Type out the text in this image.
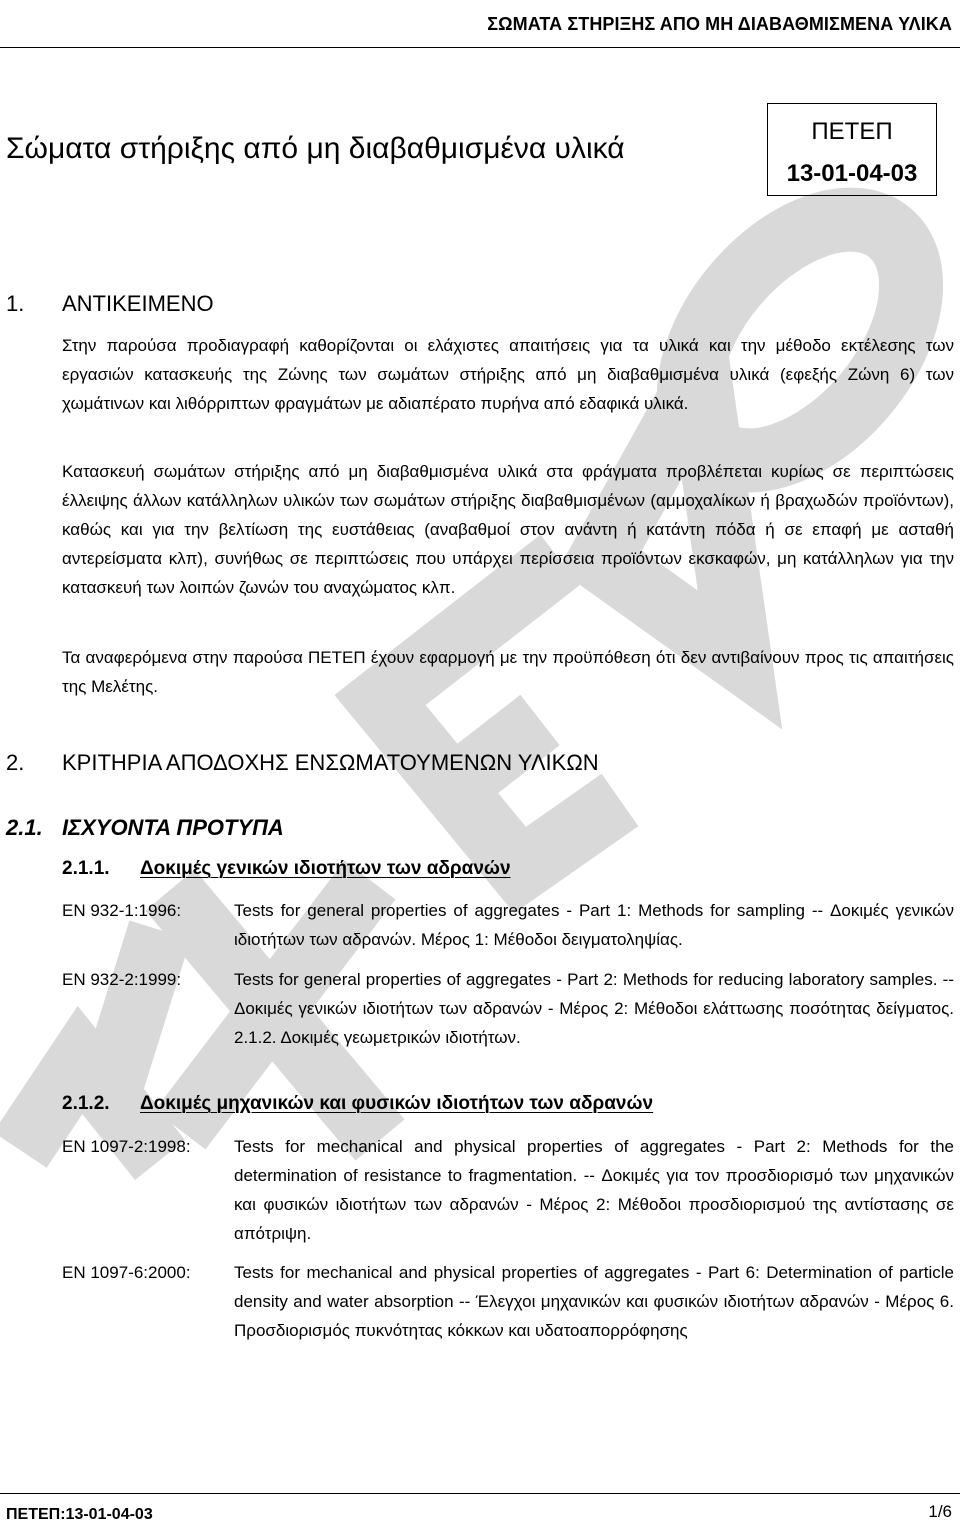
ΣΩΜΑΤΑ ΣΤΗΡΙΞΗΣ ΑΠΟ ΜΗ ΔΙΑΒΑΘΜΙΣΜΕΝΑ ΥΛΙΚΑ
Σώματα στήριξης από μη διαβαθμισμένα υλικά
ΠΕΤΕΠ
13-01-04-03
1. ΑΝΤΙΚΕΙΜΕΝΟ
Στην παρούσα προδιαγραφή καθορίζονται οι ελάχιστες απαιτήσεις για τα υλικά και την μέθοδο εκτέλεσης των εργασιών κατασκευής της Ζώνης των σωμάτων στήριξης από μη διαβαθμισμένα υλικά (εφεξής Ζώνη 6) των χωμάτινων και λιθόρριπτων φραγμάτων με αδιαπέρατο πυρήνα από εδαφικά υλικά.
Κατασκευή σωμάτων στήριξης από μη διαβαθμισμένα υλικά στα φράγματα προβλέπεται κυρίως σε περιπτώσεις έλλειψης άλλων κατάλληλων υλικών των σωμάτων στήριξης διαβαθμισμένων (αμμοχαλίκων ή βραχωδών προϊόντων), καθώς και για την βελτίωση της ευστάθειας (αναβαθμοί στον ανάντη ή κατάντη πόδα ή σε επαφή με ασταθή αντερείσματα κλπ), συνήθως σε περιπτώσεις που υπάρχει περίσσεια προϊόντων εκσκαφών, μη κατάλληλων για την κατασκευή των λοιπών ζωνών του αναχώματος κλπ.
Τα αναφερόμενα στην παρούσα ΠΕΤΕΠ έχουν εφαρμογή με την προϋπόθεση ότι δεν αντιβαίνουν προς τις απαιτήσεις της Μελέτης.
2. ΚΡΙΤΗΡΙΑ ΑΠΟΔΟΧΗΣ ΕΝΣΩΜΑΤΟΥΜΕΝΩΝ ΥΛΙΚΩΝ
2.1. ΙΣΧΥΟΝΤΑ ΠΡΟΤΥΠΑ
2.1.1. Δοκιμές γενικών ιδιοτήτων των αδρανών
EN 932-1:1996:	Tests for general properties of aggregates - Part 1: Methods for sampling -- Δοκιμές γενικών ιδιοτήτων των αδρανών. Μέρος 1: Μέθοδοι δειγματοληψίας.
EN 932-2:1999:	Tests for general properties of aggregates - Part 2: Methods for reducing laboratory samples. -- Δοκιμές γενικών ιδιοτήτων των αδρανών - Μέρος 2: Μέθοδοι ελάττωσης ποσότητας δείγματος. 2.1.2. Δοκιμές γεωμετρικών ιδιοτήτων.
2.1.2. Δοκιμές μηχανικών και φυσικών ιδιοτήτων των αδρανών
EN 1097-2:1998:	Tests for mechanical and physical properties of aggregates - Part 2: Methods for the determination of resistance to fragmentation. -- Δοκιμές για τον προσδιορισμό των μηχανικών και φυσικών ιδιοτήτων των αδρανών - Μέρος 2: Μέθοδοι προσδιορισμού της αντίστασης σε απότριψη.
EN 1097-6:2000:	Tests for mechanical and physical properties of aggregates - Part 6: Determination of particle density and water absorption -- Έλεγχοι μηχανικών και φυσικών ιδιοτήτων αδρανών - Μέρος 6. Προσδιορισμός πυκνότητας κόκκων και υδατοαπορρόφησης
ΠΕΤΕΠ:13-01-04-03	1/6
